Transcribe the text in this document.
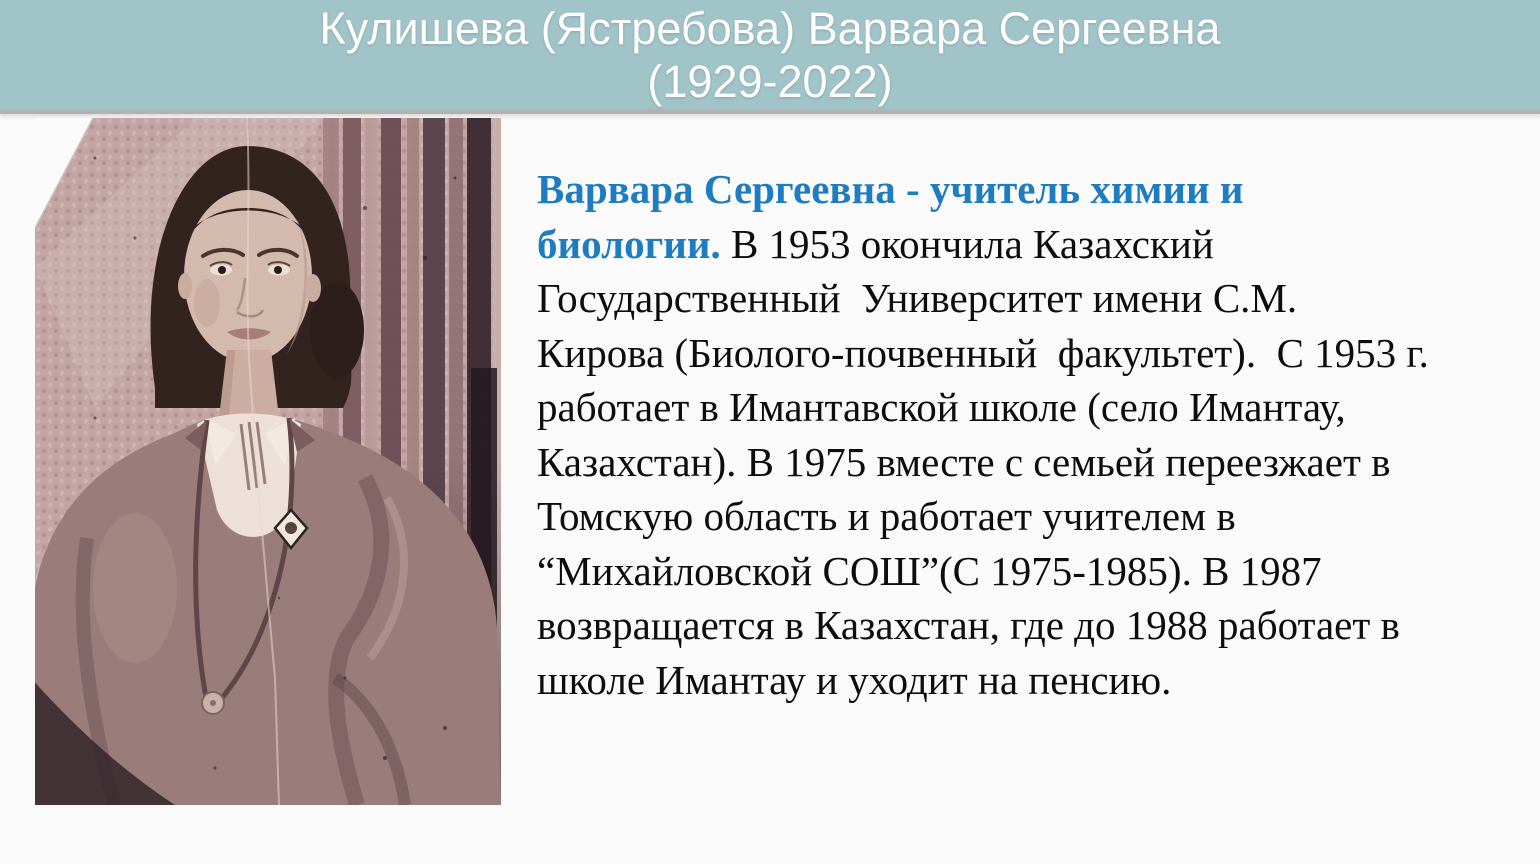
Кулишева (Ястребова) Варвара Сергеевна
(1929-2022)
Варвара Сергеевна - учитель химии и
биологии. В 1953 окончила Казахский
Государственный  Университет имени С.М.
Кирова (Биолого-почвенный  факультет).  С 1953 г.
работает в Имантавской школе (село Имантау,
Казахстан). В 1975 вместе с семьей переезжает в
Томскую область и работает учителем в
“Михайловской СОШ”(С 1975-1985). В 1987
возвращается в Казахстан, где до 1988 работает в
школе Имантау и уходит на пенсию.
